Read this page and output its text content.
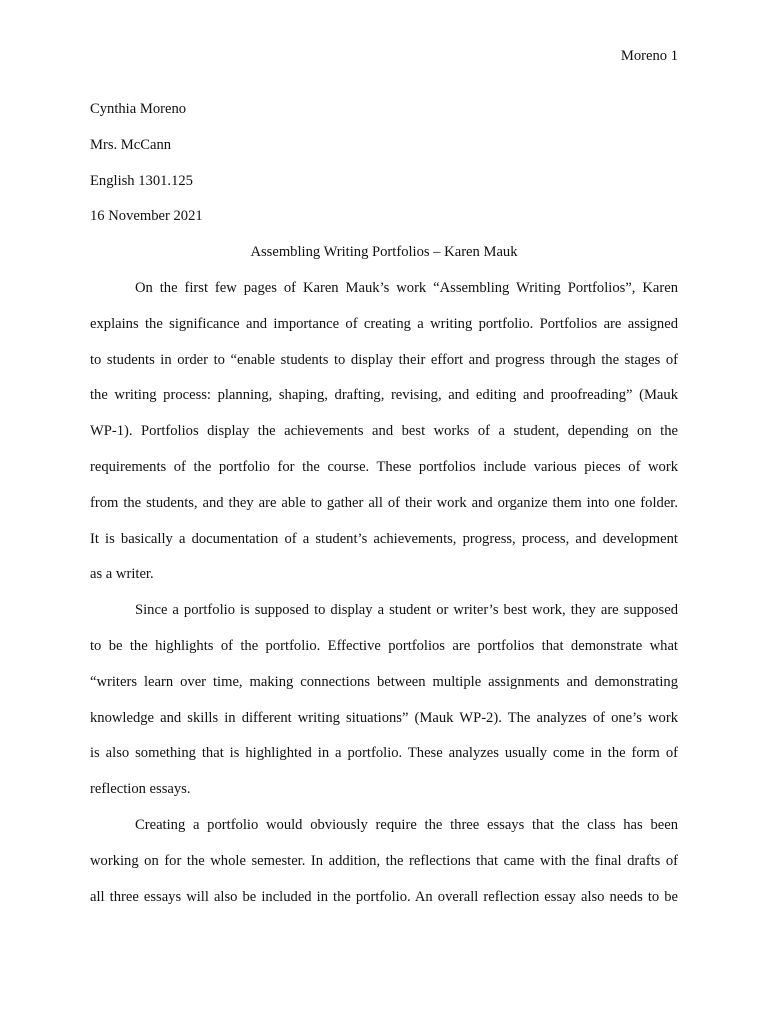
Moreno 1
Cynthia Moreno
Mrs. McCann
English 1301.125
16 November 2021
Assembling Writing Portfolios – Karen Mauk
On the first few pages of Karen Mauk’s work “Assembling Writing Portfolios”, Karen
explains the significance and importance of creating a writing portfolio. Portfolios are assigned
to students in order to “enable students to display their effort and progress through the stages of
the writing process: planning, shaping, drafting, revising, and editing and proofreading” (Mauk
WP-1). Portfolios display the achievements and best works of a student, depending on the
requirements of the portfolio for the course. These portfolios include various pieces of work
from the students, and they are able to gather all of their work and organize them into one folder.
It is basically a documentation of a student’s achievements, progress, process, and development
as a writer.
Since a portfolio is supposed to display a student or writer’s best work, they are supposed
to be the highlights of the portfolio. Effective portfolios are portfolios that demonstrate what
“writers learn over time, making connections between multiple assignments and demonstrating
knowledge and skills in different writing situations” (Mauk WP-2). The analyzes of one’s work
is also something that is highlighted in a portfolio. These analyzes usually come in the form of
reflection essays.
Creating a portfolio would obviously require the three essays that the class has been
working on for the whole semester. In addition, the reflections that came with the final drafts of
all three essays will also be included in the portfolio. An overall reflection essay also needs to be
